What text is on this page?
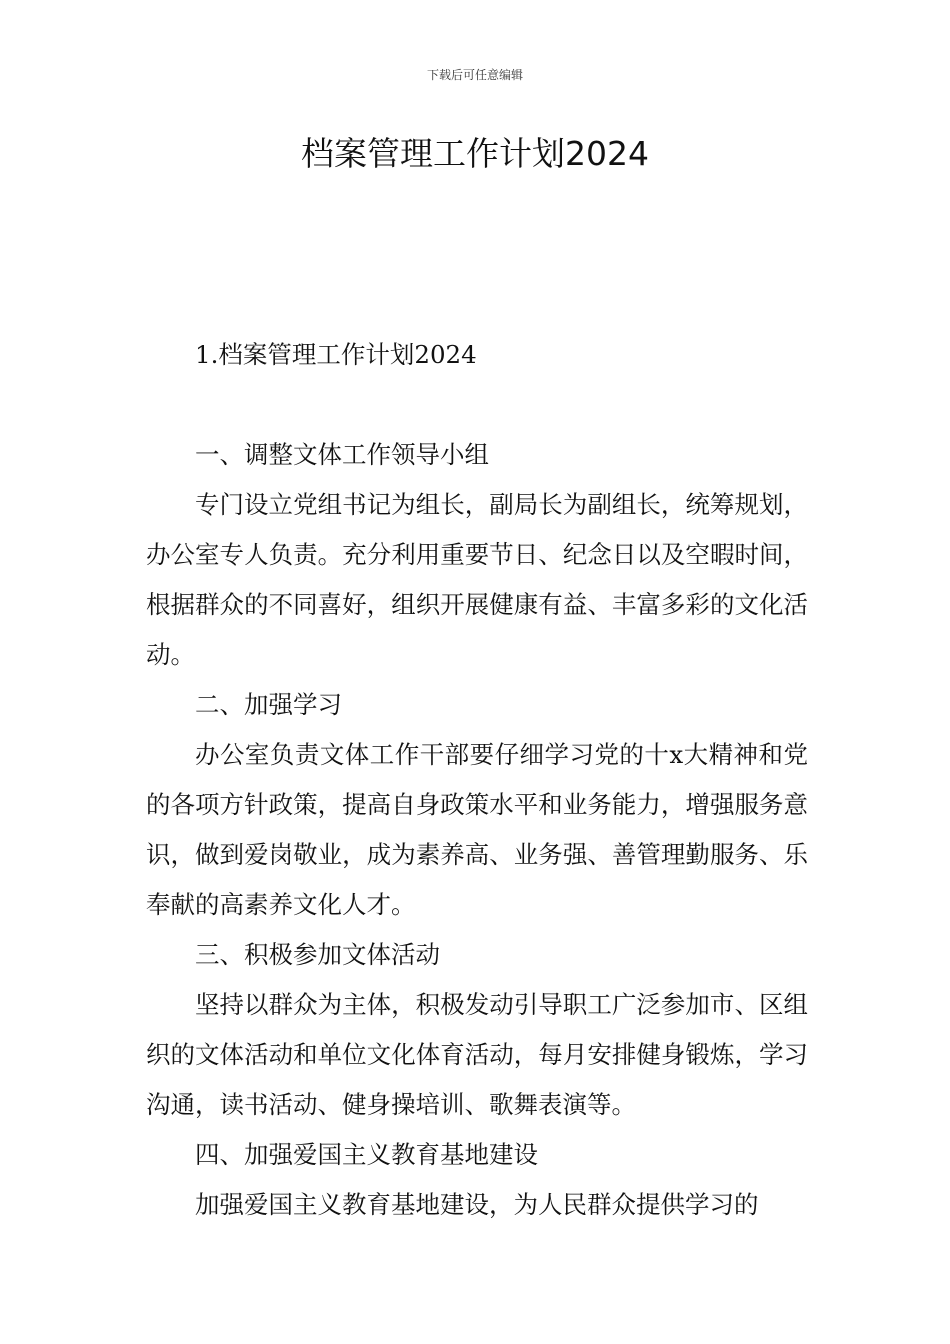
下载后可任意编辑
档案管理工作计划2024

1.档案管理工作计划2024

一、调整文体工作领导小组

专门设立党组书记为组长，副局长为副组长，统筹规划，办公室专人负责。充分利用重要节日、纪念日以及空暇时间，根据群众的不同喜好，组织开展健康有益、丰富多彩的文化活动。

二、加强学习

办公室负责文体工作干部要仔细学习党的十x大精神和党的各项方针政策，提高自身政策水平和业务能力，增强服务意识，做到爱岗敬业，成为素养高、业务强、善管理勤服务、乐奉献的高素养文化人才。

三、积极参加文体活动

坚持以群众为主体，积极发动引导职工广泛参加市、区组织的文体活动和单位文化体育活动，每月安排健身锻炼，学习沟通，读书活动、健身操培训、歌舞表演等。

四、加强爱国主义教育基地建设

加强爱国主义教育基地建设，为人民群众提供学习的
